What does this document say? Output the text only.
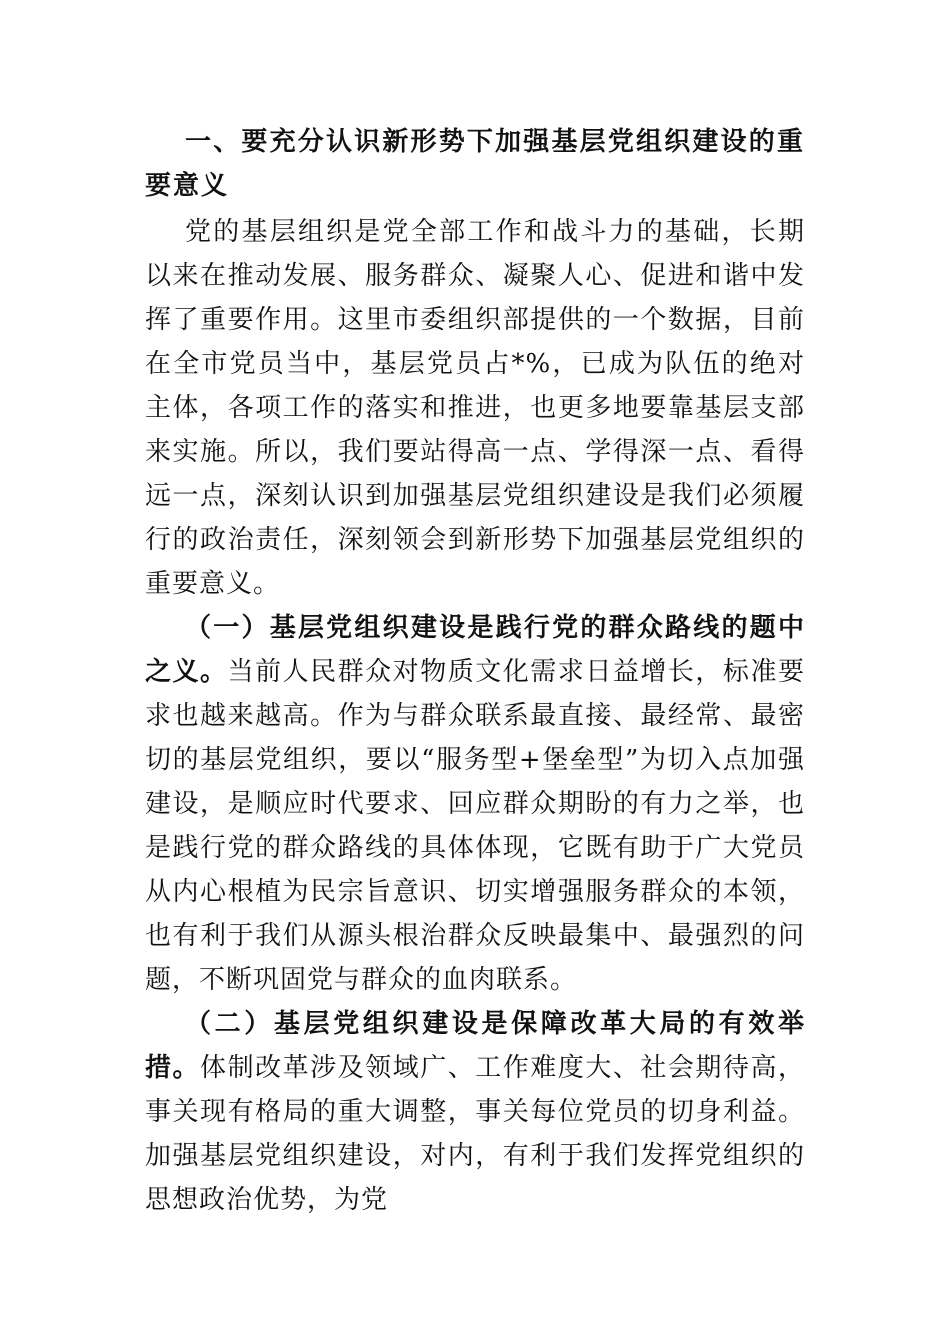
一、要充分认识新形势下加强基层党组织建设的重要意义

党的基层组织是党全部工作和战斗力的基础，长期以来在推动发展、服务群众、凝聚人心、促进和谐中发挥了重要作用。这里市委组织部提供的一个数据，目前在全市党员当中，基层党员占*%，已成为队伍的绝对主体，各项工作的落实和推进，也更多地要靠基层支部来实施。所以，我们要站得高一点、学得深一点、看得远一点，深刻认识到加强基层党组织建设是我们必须履行的政治责任，深刻领会到新形势下加强基层党组织的重要意义。

（一）基层党组织建设是践行党的群众路线的题中之义。当前人民群众对物质文化需求日益增长，标准要求也越来越高。作为与群众联系最直接、最经常、最密切的基层党组织，要以“服务型+堡垒型”为切入点加强建设，是顺应时代要求、回应群众期盼的有力之举，也是践行党的群众路线的具体体现，它既有助于广大党员从内心根植为民宗旨意识、切实增强服务群众的本领，也有利于我们从源头根治群众反映最集中、最强烈的问题，不断巩固党与群众的血肉联系。

（二）基层党组织建设是保障改革大局的有效举措。体制改革涉及领域广、工作难度大、社会期待高，事关现有格局的重大调整，事关每位党员的切身利益。加强基层党组织建设，对内，有利于我们发挥党组织的思想政治优势，为党
